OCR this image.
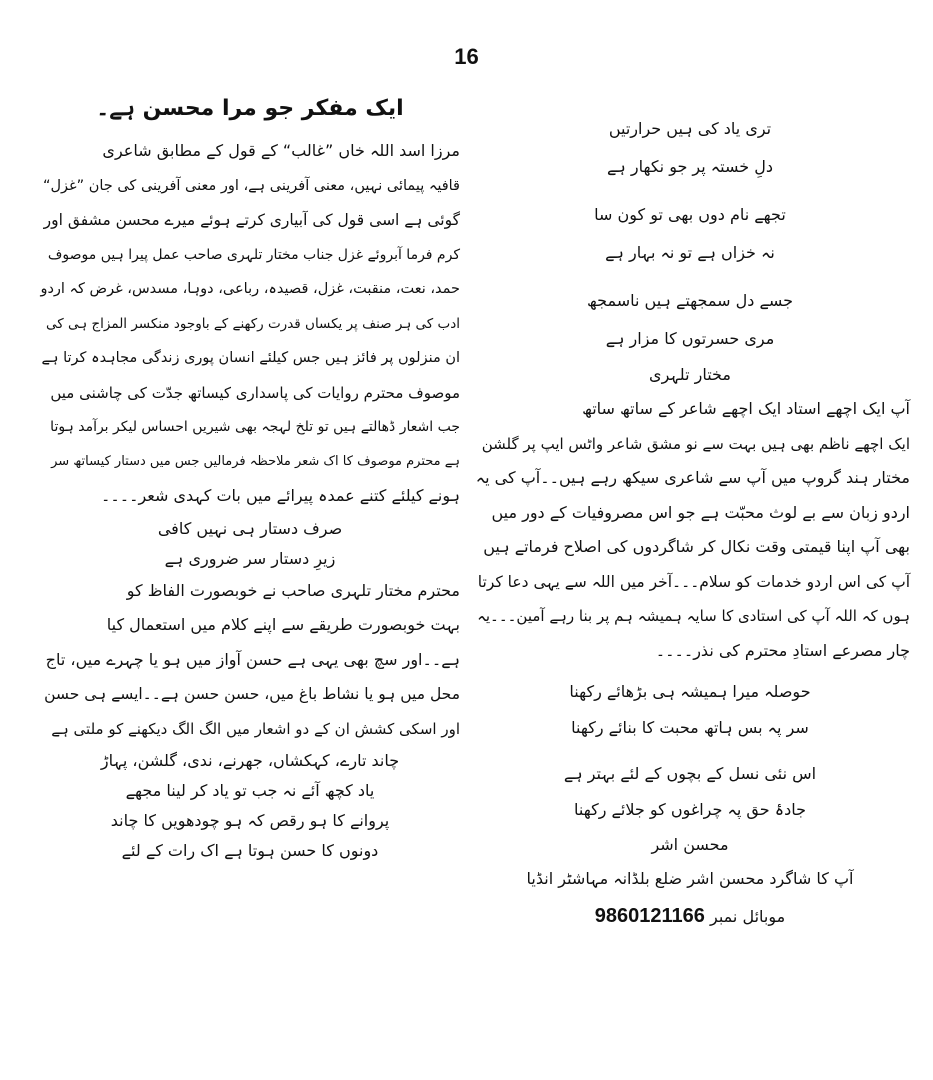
16
ایک مفکر جو مرا محسن ہے۔
مرزا اسد اللہ خاں ”غالب“ کے قول کے مطابق شاعری
قافیہ پیمائی نہیں، معنی آفرینی ہے، اور معنی آفرینی کی جان ”غزل“
گوئی ہے اسی قول کی آبیاری کرتے ہوئے میرے محسن مشفق اور
کرم فرما آبروئے غزل جناب مختار تلہری صاحب عمل پیرا ہیں موصوف
حمد، نعت، منقبت، غزل، قصیدہ، رباعی، دوہا، مسدس، غرض کہ اردو
ادب کی ہر صنف پر یکساں قدرت رکھنے کے باوجود منکسر المزاج ہی کی
ان منزلوں پر فائز ہیں جس کیلئے انسان پوری زندگی مجاہدہ کرتا ہے
موصوف محترم روایات کی پاسداری کیساتھ جدّت کی چاشنی میں
جب اشعار ڈھالتے ہیں تو تلخ لہجہ بھی شیریں احساس لیکر برآمد ہوتا
ہے محترم موصوف کا اک شعر ملاحظہ فرمالیں جس میں دستار کیساتھ سر
ہونے کیلئے کتنے عمدہ پیرائے میں بات کہدی شعر۔۔۔۔
صرف دستار ہی نہیں کافی
زیرِ دستار سر ضروری ہے
محترم مختار تلہری صاحب نے خوبصورت الفاظ کو
بہت خوبصورت طریقے سے اپنے کلام میں استعمال کیا
ہے۔۔اور سچ بھی یہی ہے حسن آواز میں ہو یا چہرے میں، تاج
محل میں ہو یا نشاط باغ میں، حسن حسن ہے۔۔ایسے ہی حسن
اور اسکی کشش ان کے دو اشعار میں الگ الگ دیکھنے کو ملتی ہے
چاند تارے، کہکشاں، جھرنے، ندی، گلشن، پہاڑ
یاد کچھ آئے نہ جب تو یاد کر لینا مجھے
پروانے کا ہو رقص کہ ہو چودھویں کا چاند
دونوں کا حسن ہوتا ہے اک رات کے لئے
تری یاد کی ہیں حرارتیں
دلِ خستہ پر جو نکھار ہے
تجھے نام دوں بھی تو کون سا
نہ خزاں ہے تو نہ بہار ہے
جسے دل سمجھتے ہیں ناسمجھ
مری حسرتوں کا مزار ہے
مختار تلہری
آپ ایک اچھے استاد ایک اچھے شاعر کے ساتھ ساتھ
ایک اچھے ناظم بھی ہیں بہت سے نو مشق شاعر واٹس ایپ پر گلشن
مختار ہند گروپ میں آپ سے شاعری سیکھ رہے ہیں۔۔آپ کی یہ
اردو زبان سے بے لوث محبّت ہے جو اس مصروفیات کے دور میں
بھی آپ اپنا قیمتی وقت نکال کر شاگردوں کی اصلاح فرماتے ہیں
آپ کی اس اردو خدمات کو سلام۔۔۔آخر میں اللہ سے یہی دعا کرتا
ہوں کہ اللہ آپ کی استادی کا سایہ ہمیشہ ہم پر بنا رہے آمین۔۔۔یہ
چار مصرعے استادِ محترم کی نذر۔۔۔۔
حوصلہ میرا ہمیشہ ہی بڑھائے رکھنا
سر پہ بس ہاتھ محبت کا بنائے رکھنا
اس نئی نسل کے بچوں کے لئے بہتر ہے
جادۂ حق پہ چراغوں کو جلائے رکھنا
محسن اشر
آپ کا شاگرد محسن اشر ضلع بلڈانہ مہاشٹر انڈیا
موبائل نمبر 9860121166
